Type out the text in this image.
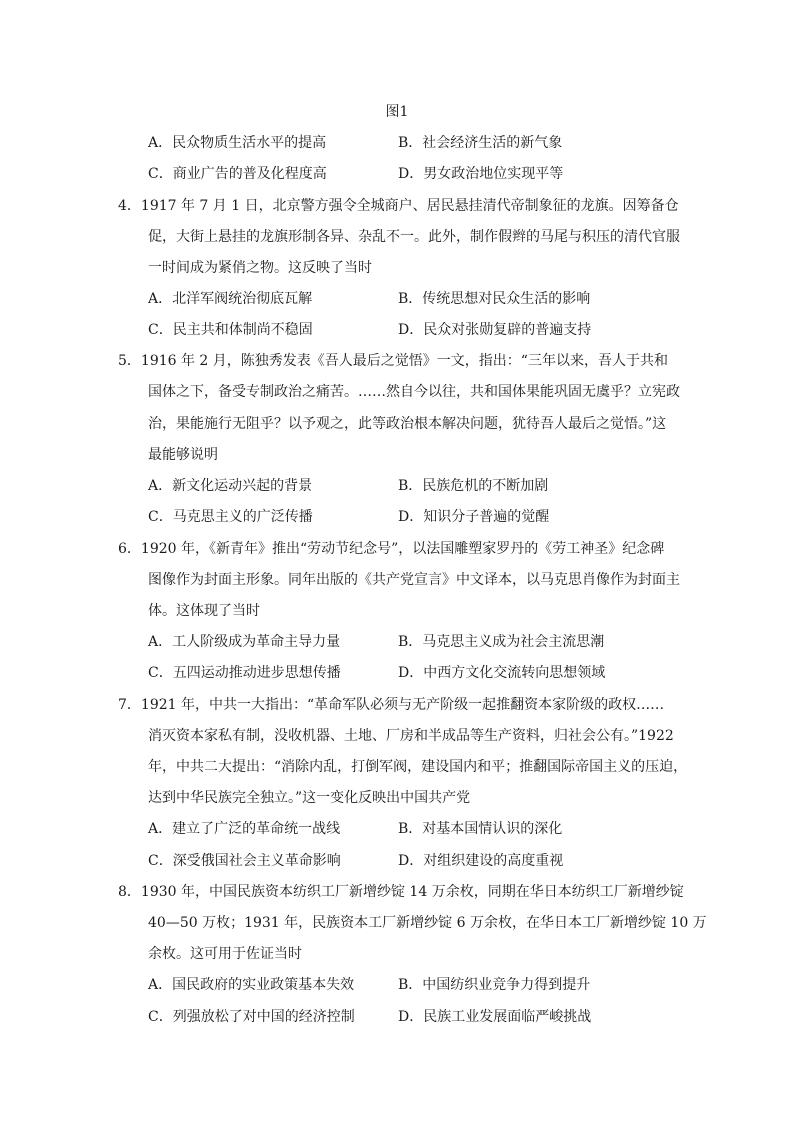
图1
A．民众物质生活水平的提高	B．社会经济生活的新气象
C．商业广告的普及化程度高	D．男女政治地位实现平等
4．1917 年 7 月 1 日，北京警方强令全城商户、居民悬挂清代帝制象征的龙旗。因筹备仓
促，大街上悬挂的龙旗形制各异、杂乱不一。此外，制作假辫的马尾与积压的清代官服
一时间成为紧俏之物。这反映了当时
A．北洋军阀统治彻底瓦解	B．传统思想对民众生活的影响
C．民主共和体制尚不稳固	D．民众对张勋复辟的普遍支持
5．1916 年 2 月，陈独秀发表《吾人最后之觉悟》一文，指出：“三年以来，吾人于共和
国体之下，备受专制政治之痛苦。……然自今以往，共和国体果能巩固无虞乎？立宪政
治，果能施行无阻乎？以予观之，此等政治根本解决问题，犹待吾人最后之觉悟。”这
最能够说明
A．新文化运动兴起的背景	B．民族危机的不断加剧
C．马克思主义的广泛传播	D．知识分子普遍的觉醒
6．1920 年，《新青年》推出“劳动节纪念号”，以法国雕塑家罗丹的《劳工神圣》纪念碑
图像作为封面主形象。同年出版的《共产党宣言》中文译本，以马克思肖像作为封面主
体。这体现了当时
A．工人阶级成为革命主导力量	B．马克思主义成为社会主流思潮
C．五四运动推动进步思想传播	D．中西方文化交流转向思想领域
7．1921 年，中共一大指出：“革命军队必须与无产阶级一起推翻资本家阶级的政权……
消灭资本家私有制，没收机器、土地、厂房和半成品等生产资料，归社会公有。”1922
年，中共二大提出：“消除内乱，打倒军阀，建设国内和平；推翻国际帝国主义的压迫，
达到中华民族完全独立。”这一变化反映出中国共产党
A．建立了广泛的革命统一战线	B．对基本国情认识的深化
C．深受俄国社会主义革命影响	D．对组织建设的高度重视
8．1930 年，中国民族资本纺织工厂新增纱锭 14 万余枚，同期在华日本纺织工厂新增纱锭
40—50 万枚；1931 年，民族资本工厂新增纱锭 6 万余枚，在华日本工厂新增纱锭 10 万
余枚。这可用于佐证当时
A．国民政府的实业政策基本失效	B．中国纺织业竞争力得到提升
C．列强放松了对中国的经济控制	D．民族工业发展面临严峻挑战
